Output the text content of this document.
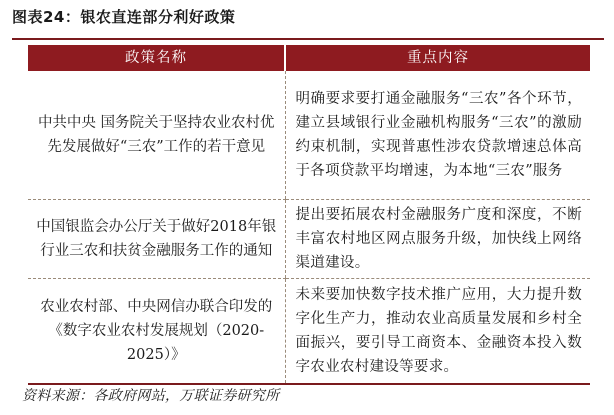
图表24：银农直连部分利好政策
政策名称	重点内容
中共中央 国务院关于坚持农业农村优先发展做好“三农”工作的若干意见	明确要求要打通金融服务“三农”各个环节，建立县域银行业金融机构服务“三农”的激励约束机制，实现普惠性涉农贷款增速总体高于各项贷款平均增速，为本地“三农”服务
中国银监会办公厅关于做好2018年银行业三农和扶贫金融服务工作的通知	提出要拓展农村金融服务广度和深度，不断丰富农村地区网点服务升级，加快线上网络渠道建设。
农业农村部、中央网信办联合印发的《数字农业农村发展规划（2020-2025）》	未来要加快数字技术推广应用，大力提升数字化生产力，推动农业高质量发展和乡村全面振兴，要引导工商资本、金融资本投入数字农业农村建设等要求。
资料来源：各政府网站，万联证券研究所
